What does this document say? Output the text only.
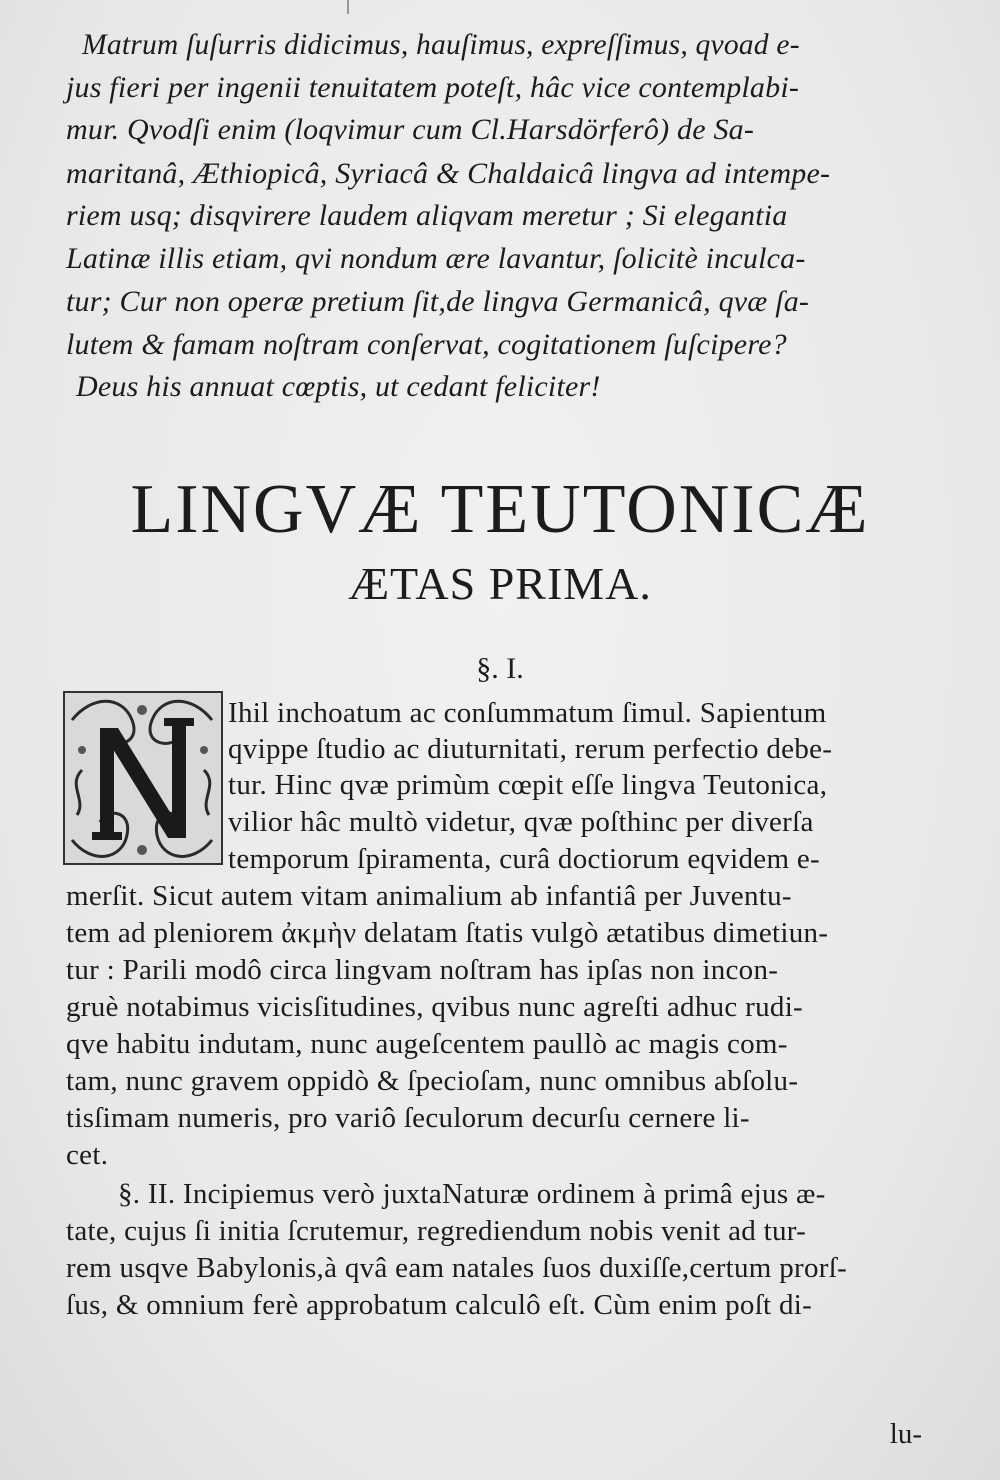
Matrum ſuſurris didicimus, hauſimus, expreſſimus, qvoad e-

jus fieri per ingenii tenuitatem poteſt, hâc vice contemplabi-

mur. Qvodſi enim (loqvimur cum Cl.Harsdörferô) de Sa-

maritanâ, Æthiopicâ, Syriacâ & Chaldaicâ lingva ad intempe-

riem usq; disqvirere laudem aliqvam meretur ; Si elegantia

Latinæ illis etiam, qvi nondum ære lavantur, ſolicitè inculca-

tur; Cur non operæ pretium ſit,de lingva Germanicâ, qvæ ſa-

lutem & famam noſtram conſervat, cogitationem ſuſcipere?

Deus his annuat cœptis, ut cedant feliciter!

LINGVÆ TEUTONICÆ
ÆTAS PRIMA.
§. I.
N

Ihil inchoatum ac conſummatum ſimul. Sapientum

qvippe ſtudio ac diuturnitati, rerum perfectio debe-

tur. Hinc qvæ primùm cœpit eſſe lingva Teutonica,

vilior hâc multò videtur, qvæ poſthinc per diverſa

temporum ſpiramenta, curâ doctiorum eqvidem e-

merſit. Sicut autem vitam animalium ab infantiâ per Juventu-

tem ad pleniorem ἀκμὴν delatam ſtatis vulgò ætatibus dimetiun-

tur : Parili modô circa lingvam noſtram has ipſas non incon-

gruè notabimus vicisſitudines, qvibus nunc agreſti adhuc rudi-

qve habitu indutam, nunc augeſcentem paullò ac magis com-

tam, nunc gravem oppidò & ſpecioſam, nunc omnibus abſolu-

tisſimam numeris, pro variô ſeculorum decurſu cernere li-

cet.

§. II. Incipiemus verò juxtaNaturæ ordinem à primâ ejus æ-

tate, cujus ſi initia ſcrutemur, regrediendum nobis venit ad tur-

rem usqve Babylonis,à qvâ eam natales ſuos duxiſſe,certum prorſ-

ſus, & omnium ferè approbatum calculô eſt. Cùm enim poſt di-

lu-
